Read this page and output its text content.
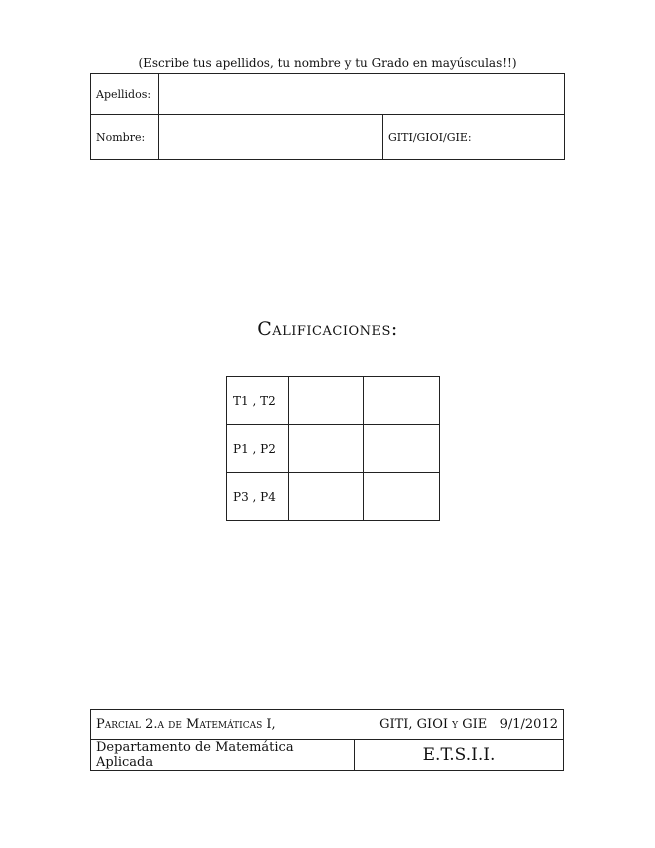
(Escribe tus apellidos, tu nombre y tu Grado en mayúsculas!!)
Apellidos:		
Nombre:		GITI/GIOI/GIE:
Calificaciones:
T1 , T2		
P1 , P2		
P3 , P4		
Parcial 2.a de Matemáticas I,	GITI, GIOI y GIE 9/1/2012

Departamento de Matemática Aplicada	E.T.S.I.I.
